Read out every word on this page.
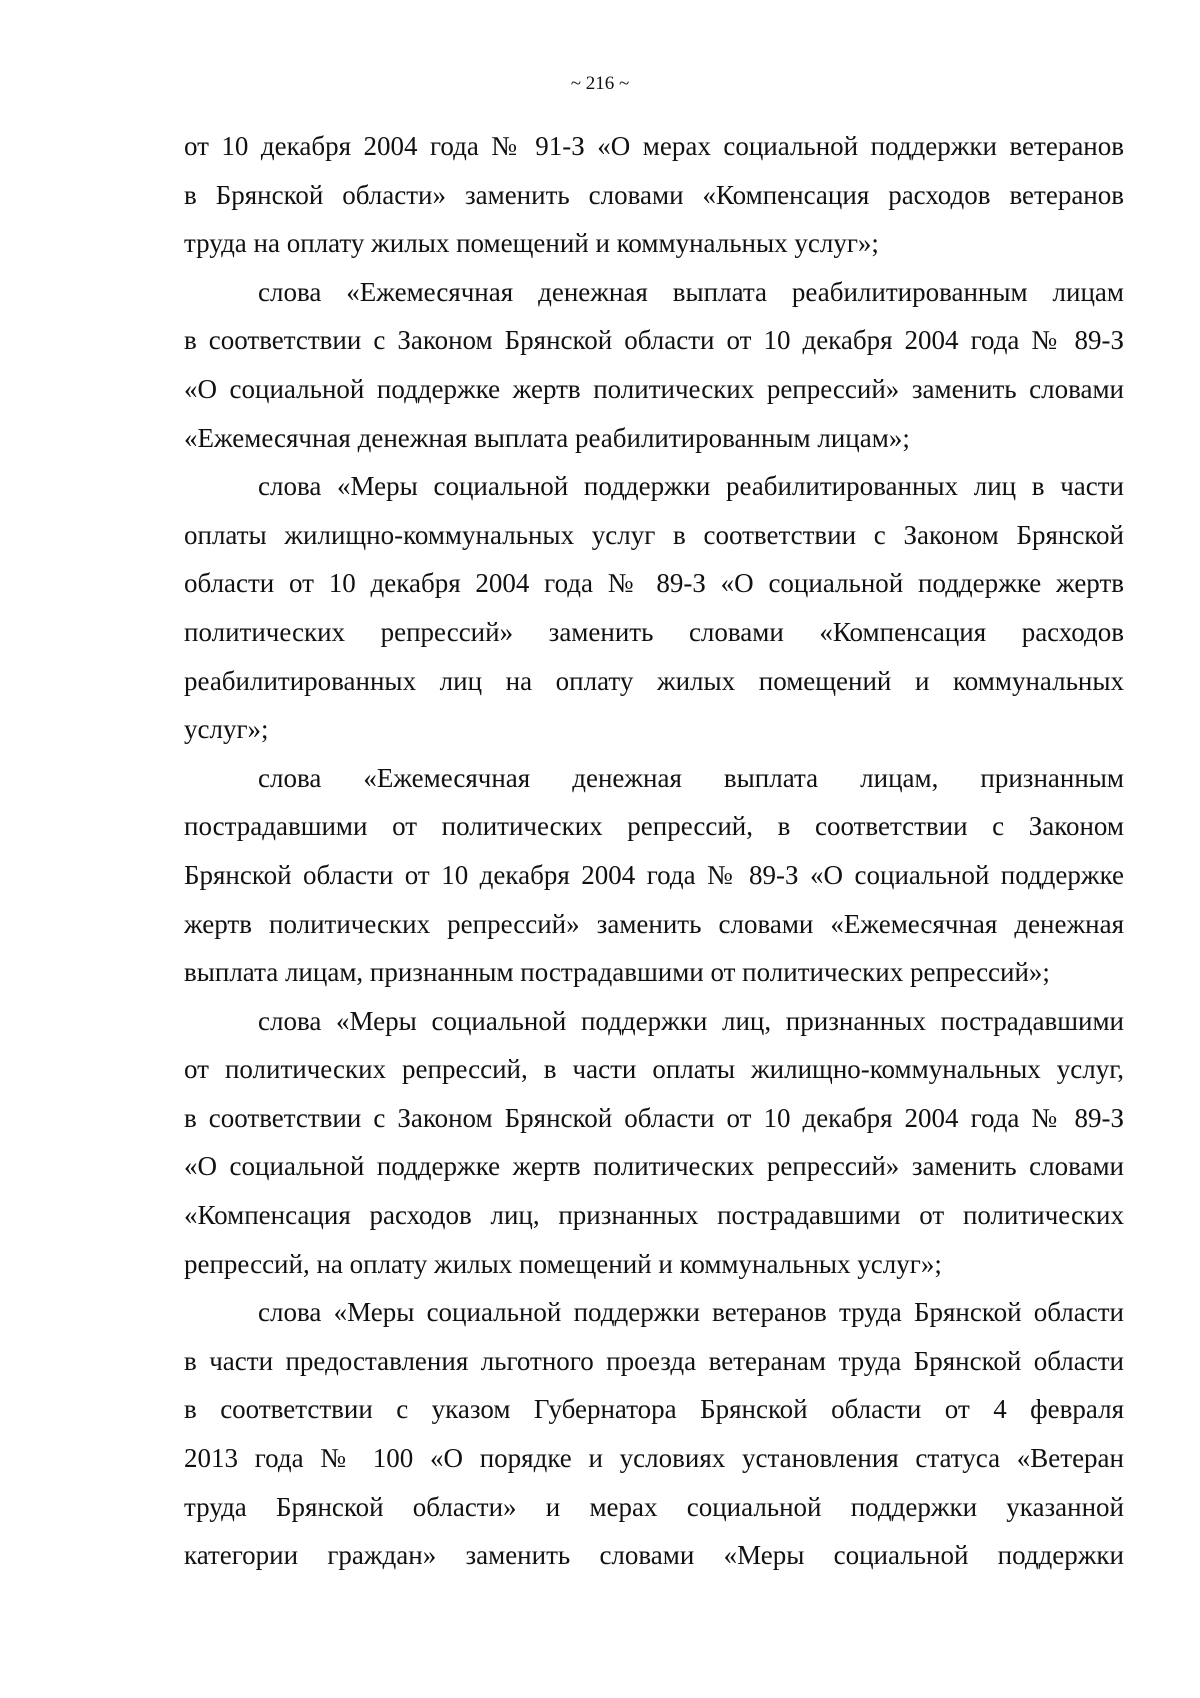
~ 216 ~

от 10 декабря 2004 года № 91-З «О мерах социальной поддержки ветеранов
в Брянской области» заменить словами «Компенсация расходов ветеранов
труда на оплату жилых помещений и коммунальных услуг»;

слова «Ежемесячная денежная выплата реабилитированным лицам
в соответствии с Законом Брянской области от 10 декабря 2004 года № 89-З
«О социальной поддержке жертв политических репрессий» заменить словами
«Ежемесячная денежная выплата реабилитированным лицам»;

слова «Меры социальной поддержки реабилитированных лиц в части
оплаты жилищно-коммунальных услуг в соответствии с Законом Брянской
области от 10 декабря 2004 года № 89-З «О социальной поддержке жертв
политических репрессий» заменить словами «Компенсация расходов
реабилитированных лиц на оплату жилых помещений и коммунальных
услуг»;

слова «Ежемесячная денежная выплата лицам, признанным
пострадавшими от политических репрессий, в соответствии с Законом
Брянской области от 10 декабря 2004 года № 89-З «О социальной поддержке
жертв политических репрессий» заменить словами «Ежемесячная денежная
выплата лицам, признанным пострадавшими от политических репрессий»;

слова «Меры социальной поддержки лиц, признанных пострадавшими
от политических репрессий, в части оплаты жилищно-коммунальных услуг,
в соответствии с Законом Брянской области от 10 декабря 2004 года № 89-З
«О социальной поддержке жертв политических репрессий» заменить словами
«Компенсация расходов лиц, признанных пострадавшими от политических
репрессий, на оплату жилых помещений и коммунальных услуг»;

слова «Меры социальной поддержки ветеранов труда Брянской области
в части предоставления льготного проезда ветеранам труда Брянской области
в соответствии с указом Губернатора Брянской области от 4 февраля
2013 года № 100 «О порядке и условиях установления статуса «Ветеран
труда Брянской области» и мерах социальной поддержки указанной
категории граждан» заменить словами «Меры социальной поддержки
